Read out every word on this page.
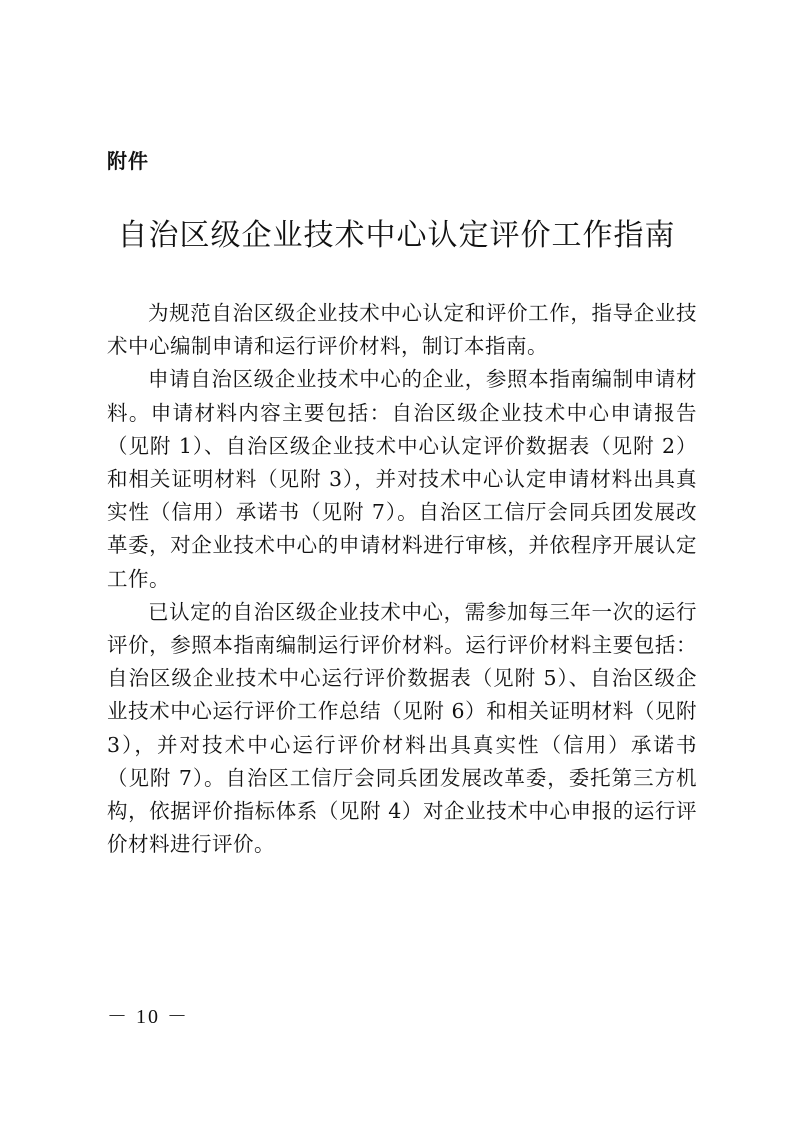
附件
自治区级企业技术中心认定评价工作指南

为规范自治区级企业技术中心认定和评价工作，指导企业技术中心编制申请和运行评价材料，制订本指南。

申请自治区级企业技术中心的企业，参照本指南编制申请材料。申请材料内容主要包括：自治区级企业技术中心申请报告（见附 1）、自治区级企业技术中心认定评价数据表（见附 2）和相关证明材料（见附 3），并对技术中心认定申请材料出具真实性（信用）承诺书（见附 7）。自治区工信厅会同兵团发展改革委，对企业技术中心的申请材料进行审核，并依程序开展认定工作。

已认定的自治区级企业技术中心，需参加每三年一次的运行评价，参照本指南编制运行评价材料。运行评价材料主要包括：自治区级企业技术中心运行评价数据表（见附 5）、自治区级企业技术中心运行评价工作总结（见附 6）和相关证明材料（见附 3），并对技术中心运行评价材料出具真实性（信用）承诺书（见附 7）。自治区工信厅会同兵团发展改革委，委托第三方机构，依据评价指标体系（见附 4）对企业技术中心申报的运行评价材料进行评价。

－ 10 －
